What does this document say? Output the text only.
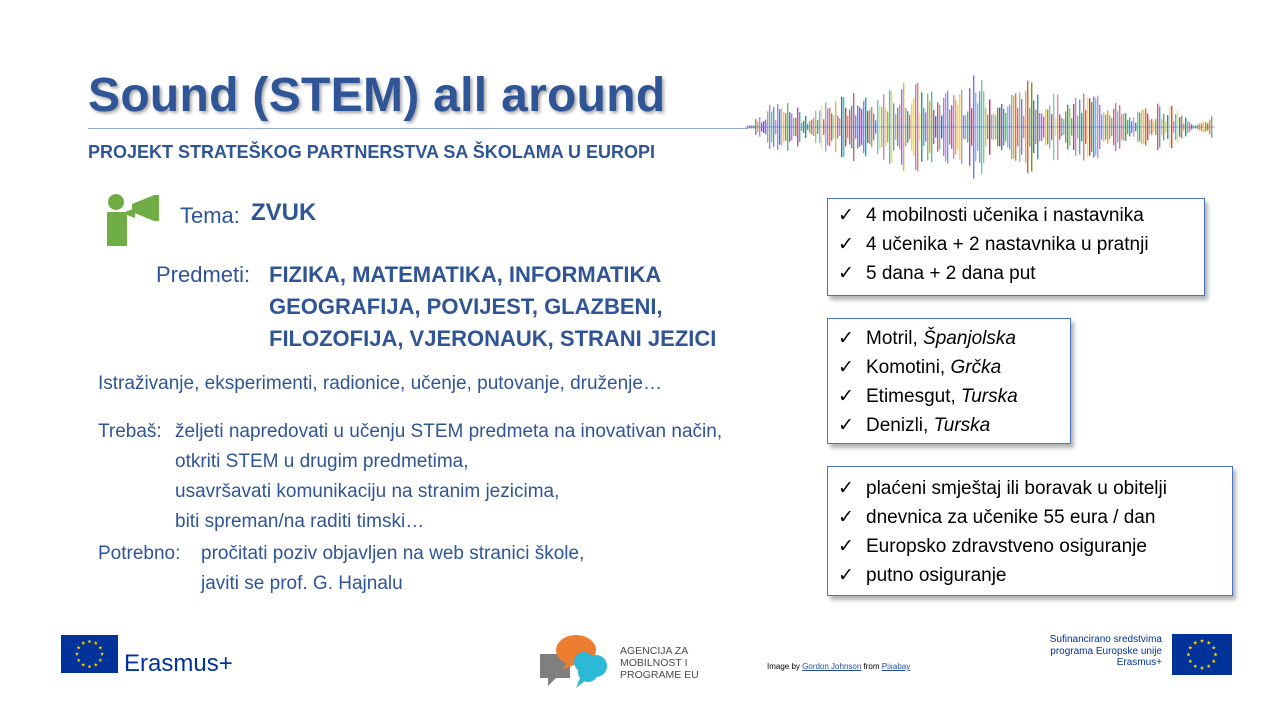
Sound (STEM) all around
PROJEKT STRATEŠKOG PARTNERSTVA SA ŠKOLAMA U EUROPI
Tema: ZVUK
Predmeti: FIZIKA, MATEMATIKA, INFORMATIKA
GEOGRAFIJA, POVIJEST, GLAZBENI,
FILOZOFIJA, VJERONAUK, STRANI JEZICI
Istraživanje, eksperimenti, radionice, učenje, putovanje, druženje…
Trebaš: željeti napredovati u učenju STEM predmeta na inovativan način,
otkriti STEM u drugim predmetima,
usavršavati komunikaciju na stranim jezicima,
biti spreman/na raditi timski…
Potrebno: pročitati poziv objavljen na web stranici škole,
javiti se prof. G. Hajnalu
✓ 4 mobilnosti učenika i nastavnika
✓ 4 učenika + 2 nastavnika u pratnji
✓ 5 dana + 2 dana put
✓ Motril, Španjolska
✓ Komotini, Grčka
✓ Etimesgut, Turska
✓ Denizli, Turska
✓ plaćeni smještaj ili boravak u obitelji
✓ dnevnica za učenike 55 eura / dan
✓ Europsko zdravstveno osiguranje
✓ putno osiguranje
Erasmus+	AGENCIJA ZA
MOBILNOST I
PROGRAME EU
Image by Gordon Johnson from Pixabay
Sufinancirano sredstvima
programa Europske unije
Erasmus+
